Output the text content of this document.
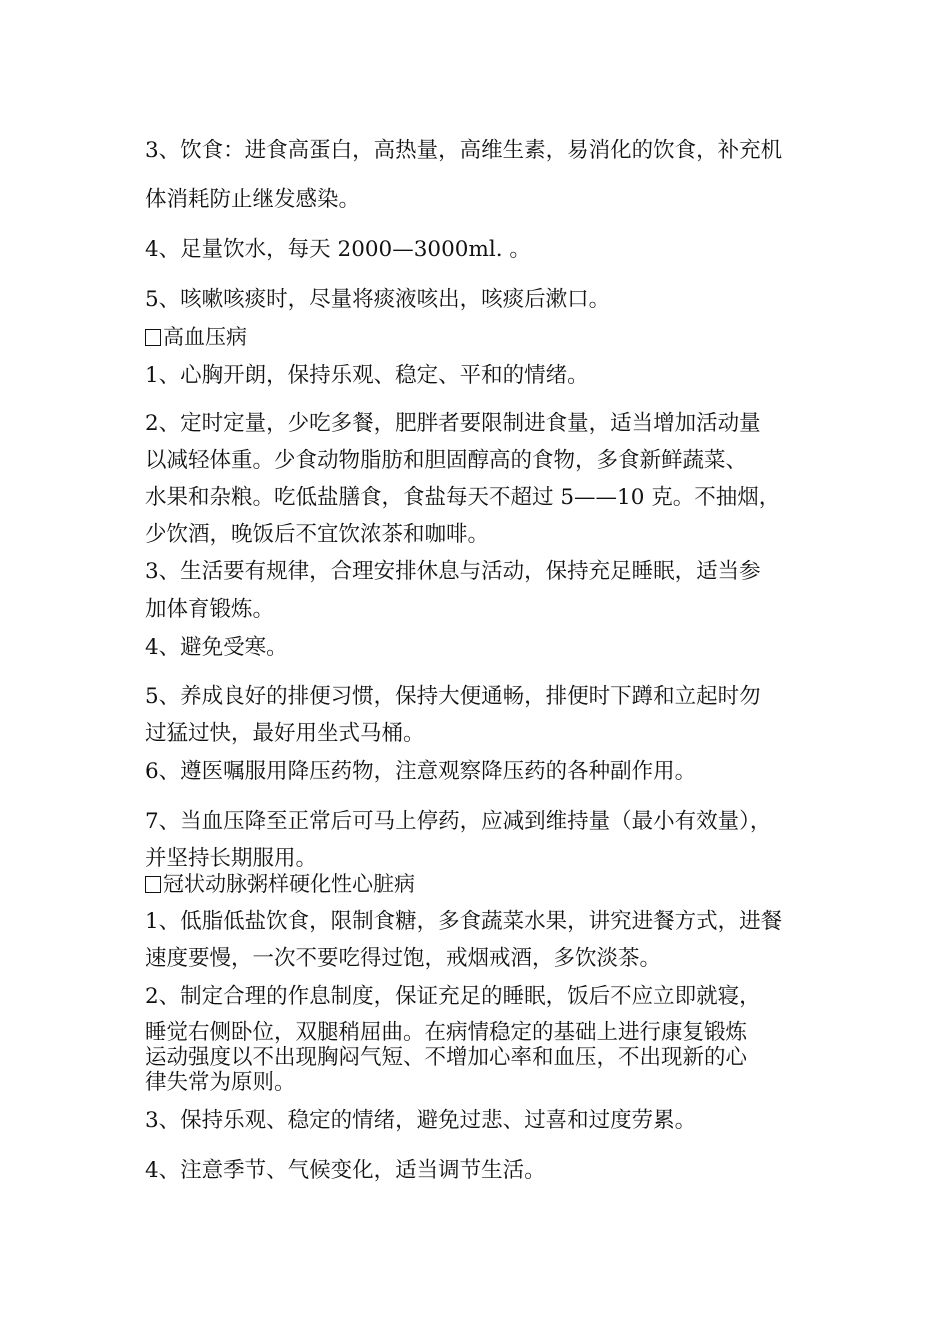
3、饮食：进食高蛋白，高热量，高维生素，易消化的饮食，补充机
体消耗防止继发感染。
4、足量饮水，每天 2000—3000ml. 。
5、咳嗽咳痰时，尽量将痰液咳出，咳痰后漱口。
高血压病
1、心胸开朗，保持乐观、稳定、平和的情绪。
2、定时定量，少吃多餐，肥胖者要限制进食量，适当增加活动量
以减轻体重。少食动物脂肪和胆固醇高的食物，多食新鲜蔬菜、
水果和杂粮。吃低盐膳食，食盐每天不超过 5——10 克。不抽烟，
少饮酒，晚饭后不宜饮浓茶和咖啡。
3、生活要有规律，合理安排休息与活动，保持充足睡眠，适当参
加体育锻炼。
4、避免受寒。
5、养成良好的排便习惯，保持大便通畅，排便时下蹲和立起时勿
过猛过快，最好用坐式马桶。
6、遵医嘱服用降压药物，注意观察降压药的各种副作用。
7、当血压降至正常后可马上停药，应减到维持量（最小有效量），
并坚持长期服用。
冠状动脉粥样硬化性心脏病
1、低脂低盐饮食，限制食糖，多食蔬菜水果，讲究进餐方式，进餐
速度要慢，一次不要吃得过饱，戒烟戒酒，多饮淡茶。
2、制定合理的作息制度，保证充足的睡眠，饭后不应立即就寝，
睡觉右侧卧位，双腿稍屈曲。在病情稳定的基础上进行康复锻炼
运动强度以不出现胸闷气短、不增加心率和血压，不出现新的心
律失常为原则。
3、保持乐观、稳定的情绪，避免过悲、过喜和过度劳累。
4、注意季节、气候变化，适当调节生活。
